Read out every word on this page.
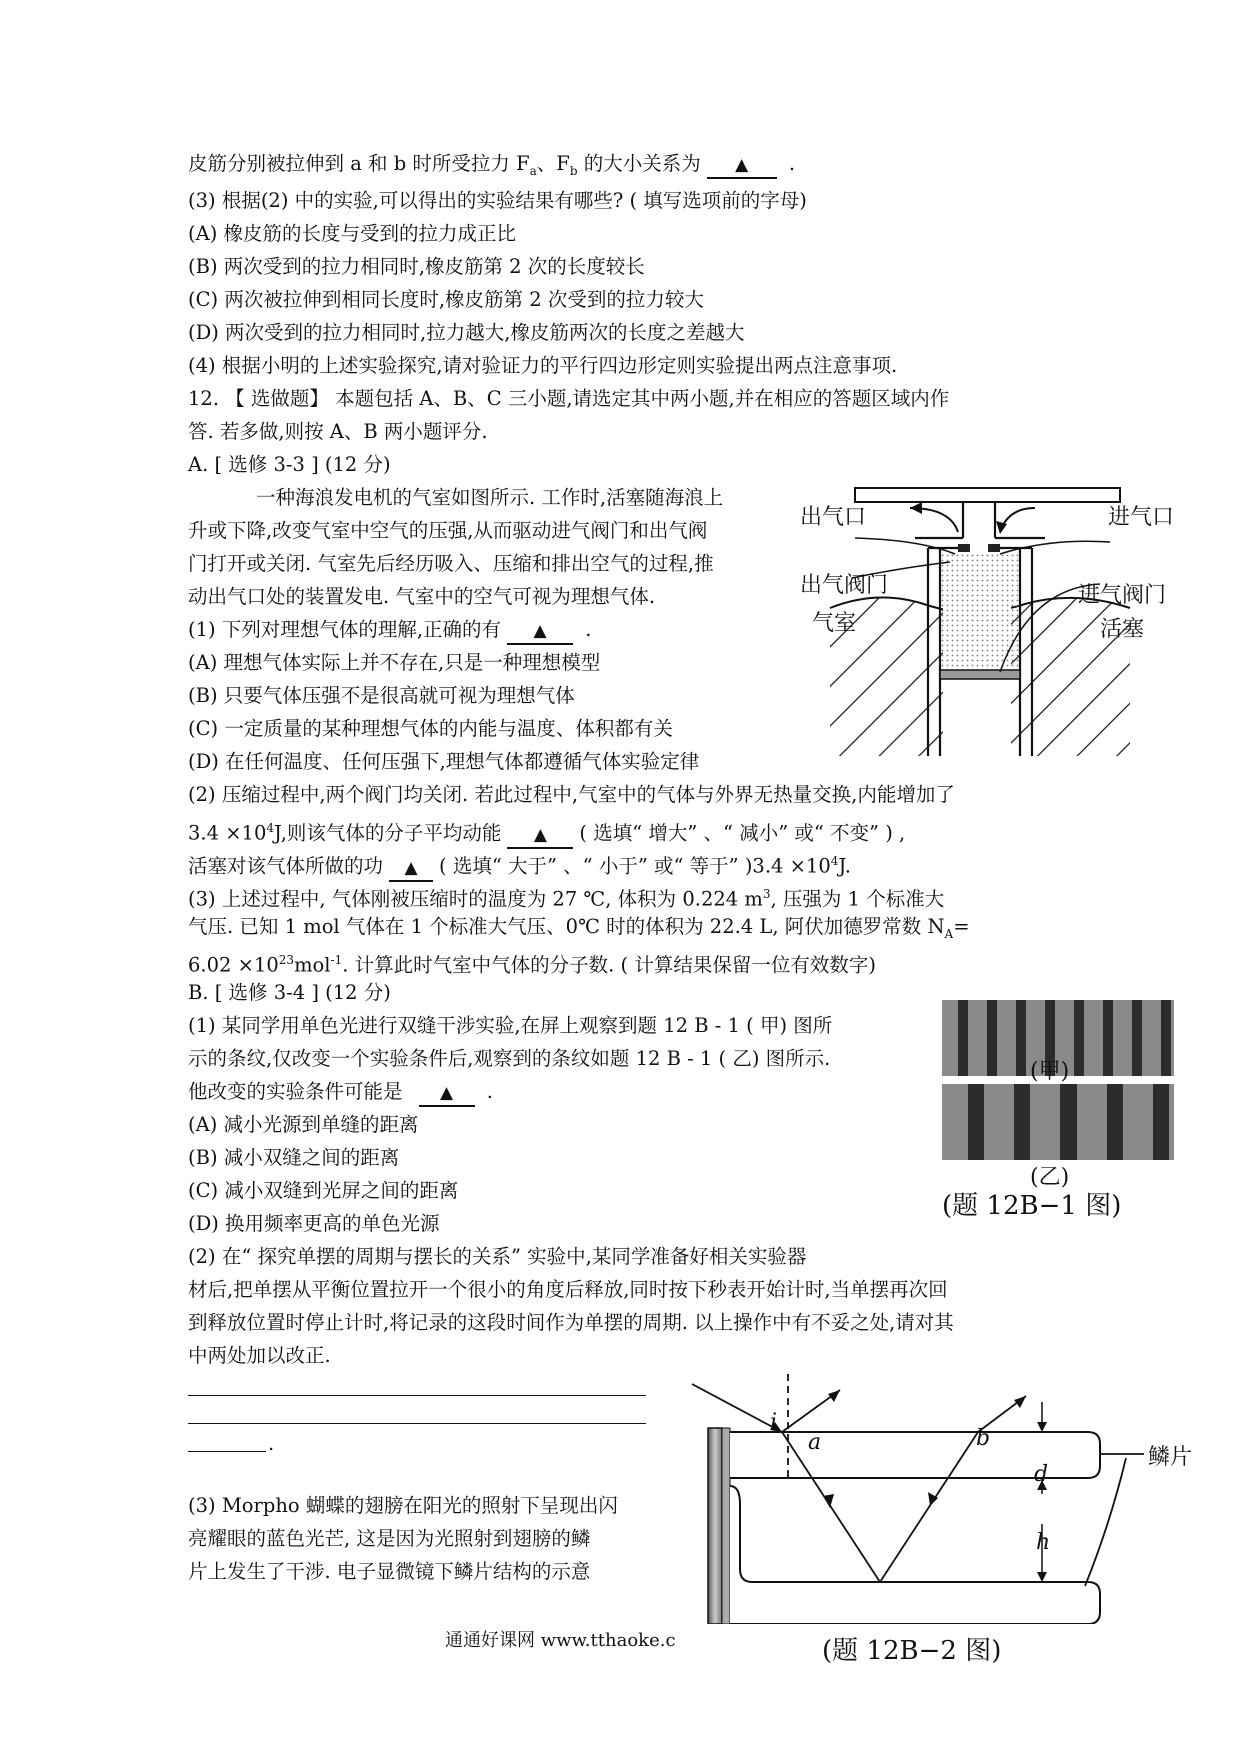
皮筋分别被拉伸到 a 和 b 时所受拉力 $F_a$、$F_b$ 的大小关系为 ▲ .
(3) 根据(2) 中的实验,可以得出的实验结果有哪些? ( 填写选项前的字母)
(A) 橡皮筋的长度与受到的拉力成正比
(B) 两次受到的拉力相同时,橡皮筋第 2 次的长度较长
(C) 两次被拉伸到相同长度时,橡皮筋第 2 次受到的拉力较大
(D) 两次受到的拉力相同时,拉力越大,橡皮筋两次的长度之差越大
(4) 根据小明的上述实验探究,请对验证力的平行四边形定则实验提出两点注意事项.
12. 【 选做题】 本题包括 A、B、C 三小题,请选定其中两小题,并在相应的答题区域内作
答. 若多做,则按 A、B 两小题评分.
A. [ 选修 3-3 ] (12 分)
一种海浪发电机的气室如图所示. 工作时,活塞随海浪上
升或下降,改变气室中空气的压强,从而驱动进气阀门和出气阀
门打开或关闭. 气室先后经历吸入、压缩和排出空气的过程,推
动出气口处的装置发电. 气室中的空气可视为理想气体.
(1) 下列对理想气体的理解,正确的有 ▲ .
(A) 理想气体实际上并不存在,只是一种理想模型
(B) 只要气体压强不是很高就可视为理想气体
(C) 一定质量的某种理想气体的内能与温度、体积都有关
(D) 在任何温度、任何压强下,理想气体都遵循气体实验定律
(2) 压缩过程中,两个阀门均关闭. 若此过程中,气室中的气体与外界无热量交换,内能增加了
$3.4 \times 10^4J$,则该气体的分子平均动能 ▲ ( 选填“ 增大” 、“ 减小” 或“ 不变” ) ,
活塞对该气体所做的功 ▲ ( 选填“ 大于” 、“ 小于” 或“ 等于” )$3.4 \times 10^4J$.
(3) 上述过程中, 气体刚被压缩时的温度为 27 ℃, 体积为 0.224 $m^3$, 压强为 1 个标准大
气压. 已知 1 mol 气体在 1 个标准大气压、0℃ 时的体积为 22.4 L, 阿伏加德罗常数 $N_A=$
$6.02 \times 10^{23}mol^{-1}$. 计算此时气室中气体的分子数. ( 计算结果保留一位有效数字)
B. [ 选修 3-4 ] (12 分)
(1) 某同学用单色光进行双缝干涉实验,在屏上观察到题 12 B - 1 ( 甲) 图所
示的条纹,仅改变一个实验条件后,观察到的条纹如题 12 B - 1 ( 乙) 图所示.
他改变的实验条件可能是 ▲ .
(A) 减小光源到单缝的距离
(B) 减小双缝之间的距离
(C) 减小双缝到光屏之间的距离
(D) 换用频率更高的单色光源
(2) 在“ 探究单摆的周期与摆长的关系” 实验中,某同学准备好相关实验器
材后,把单摆从平衡位置拉开一个很小的角度后释放,同时按下秒表开始计时,当单摆再次回
到释放位置时停止计时,将记录的这段时间作为单摆的周期. 以上操作中有不妥之处,请对其
中两处加以改正.
.
(3) Morpho 蝴蝶的翅膀在阳光的照射下呈现出闪
亮耀眼的蓝色光芒, 这是因为光照射到翅膀的鳞
片上发生了干涉. 电子显微镜下鳞片结构的示意
出气口	进气口
出气阀门	进气阀门
气室	活塞
(甲)
(乙)
(题 12B−1 图)
i
a	b
d
h
鳞片
(题 12B−2 图)
通通好课网 www.tthaoke.c
